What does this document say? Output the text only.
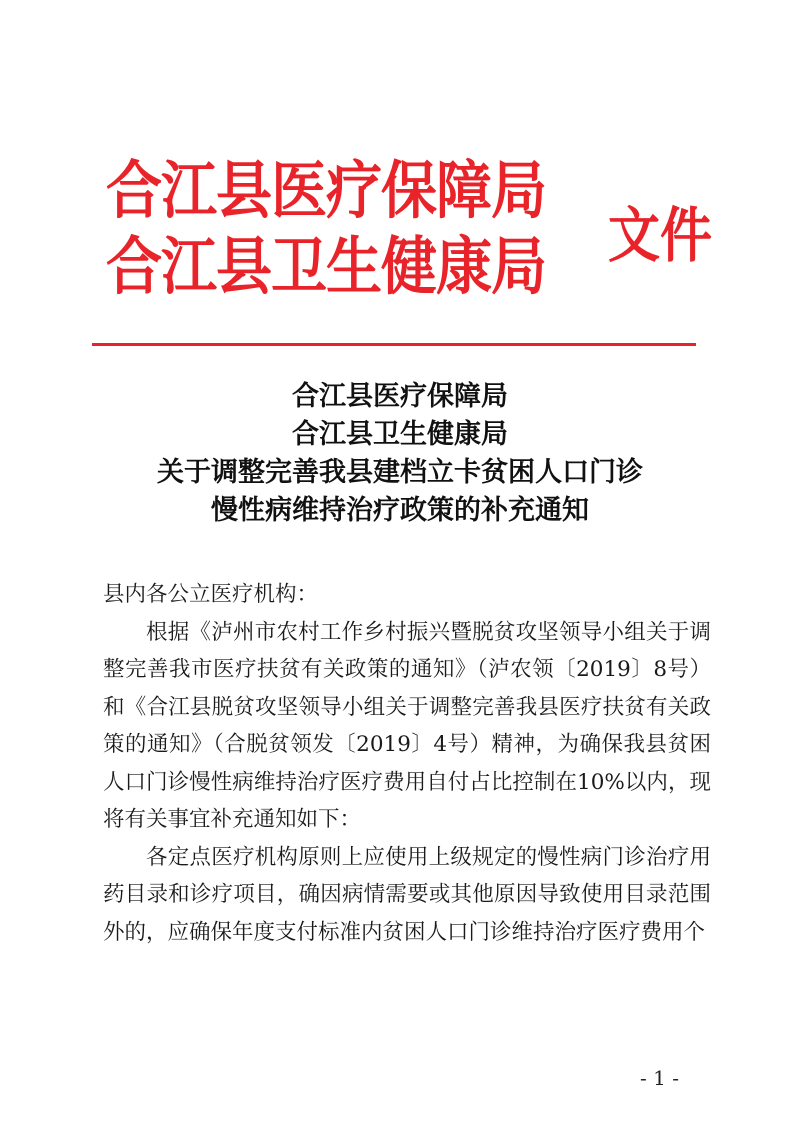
合江县医疗保障局
合江县卫生健康局 文件
合江县医疗保障局
合江县卫生健康局
关于调整完善我县建档立卡贫困人口门诊
慢性病维持治疗政策的补充通知

县内各公立医疗机构：

根据《泸州市农村工作乡村振兴暨脱贫攻坚领导小组关于调整完善我市医疗扶贫有关政策的通知》（泸农领〔2019〕8号）和《合江县脱贫攻坚领导小组关于调整完善我县医疗扶贫有关政策的通知》（合脱贫领发〔2019〕4号）精神，为确保我县贫困人口门诊慢性病维持治疗医疗费用自付占比控制在10%以内，现将有关事宜补充通知如下：

各定点医疗机构原则上应使用上级规定的慢性病门诊治疗用药目录和诊疗项目，确因病情需要或其他原因导致使用目录范围外的，应确保年度支付标准内贫困人口门诊维持治疗医疗费用个

- 1 -
